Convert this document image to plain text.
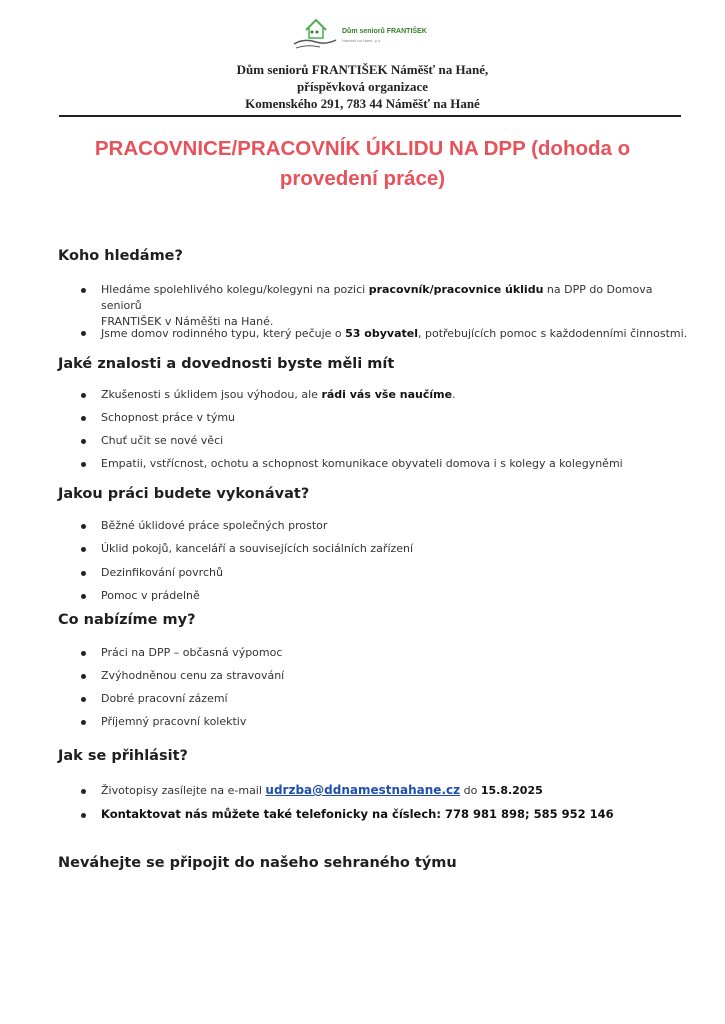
Dům seniorů FRANTIŠEK
Náměšť na Hané, p.o.
Dům seniorů FRANTIŠEK Náměšť na Hané,
příspěvková organizace
Komenského 291, 783 44 Náměšť na Hané
PRACOVNICE/PRACOVNÍK ÚKLIDU NA DPP (dohoda o
provedení práce)
Koho hledáme?
Hledáme spolehlivého kolegu/kolegyni na pozici pracovník/pracovnice úklidu na DPP do Domova seniorů
FRANTIŠEK v Náměšti na Hané.
Jsme domov rodinného typu, který pečuje o 53 obyvatel, potřebujících pomoc s každodenními činnostmi.
Jaké znalosti a dovednosti byste měli mít
Zkušenosti s úklidem jsou výhodou, ale rádi vás vše naučíme.
Schopnost práce v týmu
Chuť učit se nové věci
Empatii, vstřícnost, ochotu a schopnost komunikace obyvateli domova i s kolegy a kolegyněmi
Jakou práci budete vykonávat?
Běžné úklidové práce společných prostor
Úklid pokojů, kanceláří a souvisejících sociálních zařízení
Dezinfikování povrchů
Pomoc v prádelně
Co nabízíme my?
Práci na DPP – občasná výpomoc
Zvýhodněnou cenu za stravování
Dobré pracovní zázemí
Příjemný pracovní kolektiv
Jak se přihlásit?
Životopisy zasílejte na e-mail udrzba@ddnamestnahane.cz do 15.8.2025
Kontaktovat nás můžete také telefonicky na číslech: 778 981 898; 585 952 146
Neváhejte se připojit do našeho sehraného týmu
